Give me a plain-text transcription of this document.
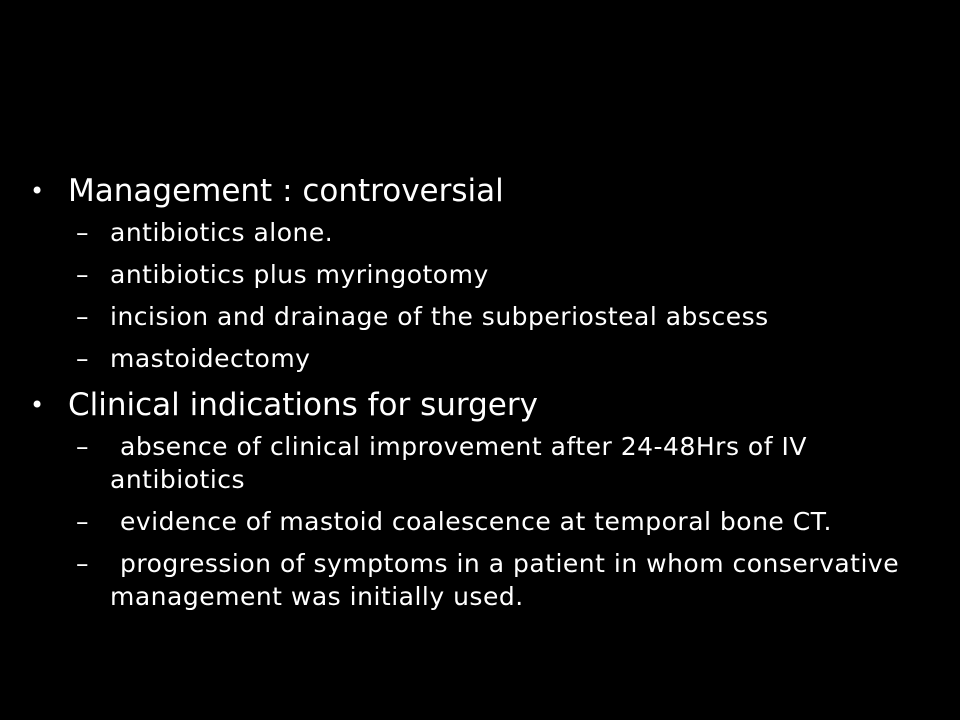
• Management : controversial
– antibiotics alone.
– antibiotics plus myringotomy
– incision and drainage of the subperiosteal abscess
– mastoidectomy
• Clinical indications for surgery
–	absence of clinical improvement after 24-48Hrs of IV antibiotics
–	evidence of mastoid coalescence at temporal bone CT.
–	progression of symptoms in a patient in whom conservative management was initially used.
